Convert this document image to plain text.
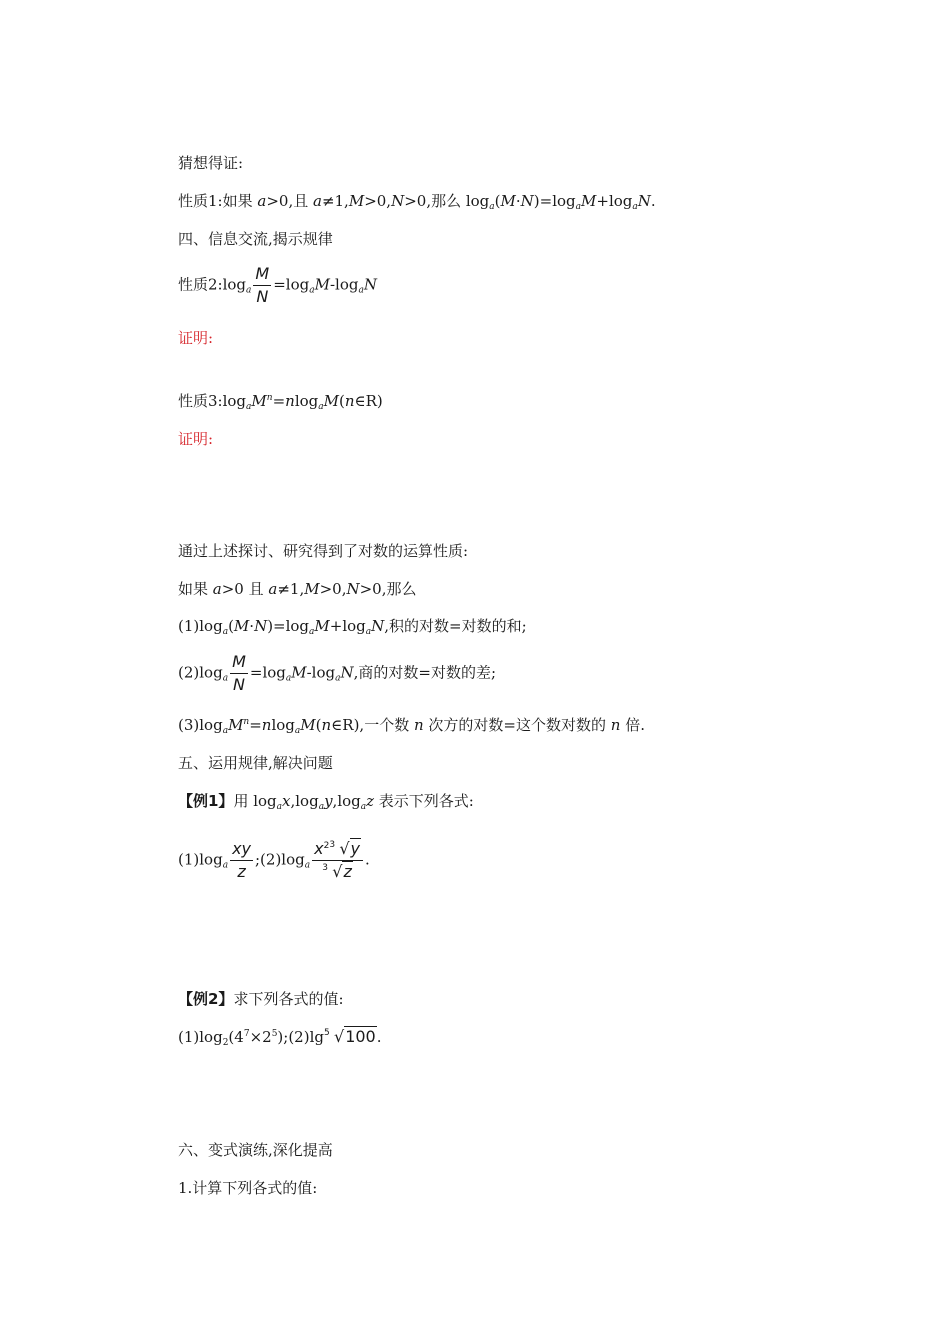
猜想得证:
性质1:如果 a>0,且 a≠1,M>0,N>0,那么 $\log_a(M\cdot N)=\log_aM+\log_aN$.
四、信息交流,揭示规律
性质$2:\log_a \frac{M}{N} =\log_aM-\log_aN$
证明:
性质$3:\log_aM^n=nlog_aM(n\in R)$
证明:
通过上述探讨、研究得到了对数的运算性质:
如果 a>0 且 a≠1,M>0,N>0,那么
$(1)\log_a(M\cdot N)=\log_aM+\log_aN$,积的对数=对数的和;
$(2)\log_a \frac{M}{N} =\log_aM-\log_aN$,商的对数=对数的差;
$(3)\log_aM^n=nlog_aM(n\in R)$,一个数 n 次方的对数=这个数对数的 n 倍.
五、运用规律,解决问题
【例1】用 $\log_ax,\log_ay,\log_az$ 表示下列各式:
$(1)\log_a \frac{xy}{z}$ $;(2)\log_a \frac{x^2 3 √y}{3 √z}$ .
【例2】求下列各式的值:
$(1)\log_2(4^7\times 2^5);(2)\lg$ 5 √100.
六、变式演练,深化提高
1.计算下列各式的值:
